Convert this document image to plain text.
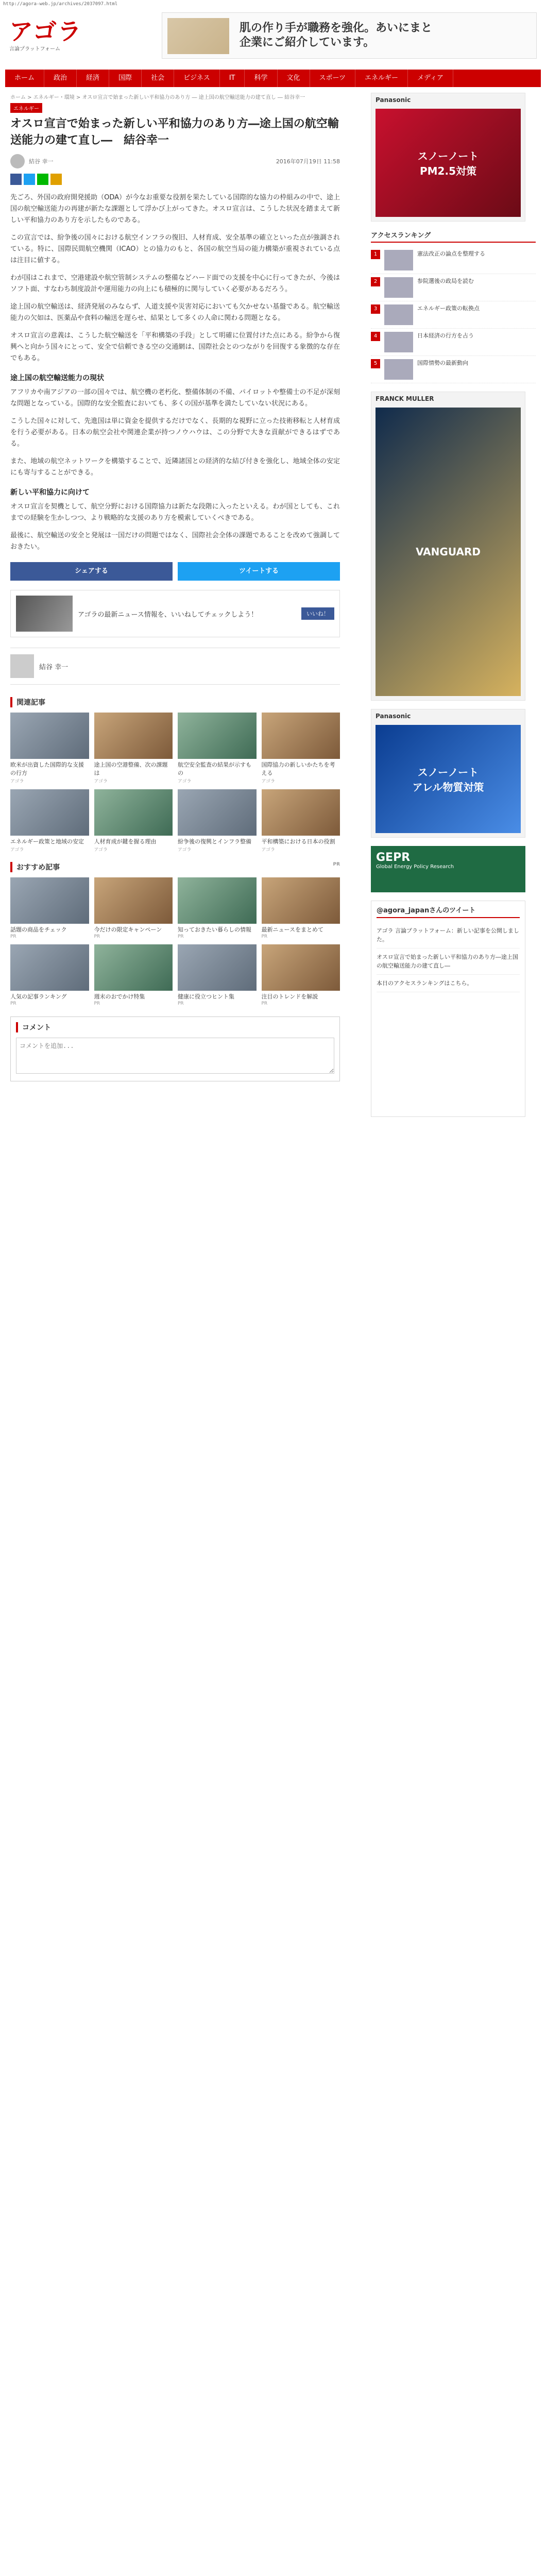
http://agora-web.jp/archives/2037097.html
アゴラ
言論プラットフォーム
肌の作り手が職務を強化。あいにまと
企業にご紹介しています。
ホーム	政治	経済	国際	社会	ビジネス	IT	科学	文化	スポーツ	エネルギー	メディア
ホーム > エネルギー・環境 > オスロ宣言で始まった新しい平和協力のあり方 ― 途上国の航空輸送能力の建て直し ― 結谷幸一
エネルギー
オスロ宣言で始まった新しい平和協力のあり方―途上国の航空輸送能力の建て直し―　結谷幸一
結谷 幸一	2016年07月19日 11:58

先ごろ、外国の政府開発援助（ODA）が今なお重要な役割を果たしている国際的な協力の枠組みの中で、途上国の航空輸送能力の再建が新たな課題として浮かび上がってきた。オスロ宣言は、こうした状況を踏まえて新しい平和協力のあり方を示したものである。

この宣言では、紛争後の国々における航空インフラの復旧、人材育成、安全基準の確立といった点が強調されている。特に、国際民間航空機関（ICAO）との協力のもと、各国の航空当局の能力構築が重視されている点は注目に値する。

わが国はこれまで、空港建設や航空管制システムの整備などハード面での支援を中心に行ってきたが、今後はソフト面、すなわち制度設計や運用能力の向上にも積極的に関与していく必要があるだろう。

途上国の航空輸送は、経済発展のみならず、人道支援や災害対応においても欠かせない基盤である。航空輸送能力の欠如は、医薬品や食料の輸送を遅らせ、結果として多くの人命に関わる問題となる。

オスロ宣言の意義は、こうした航空輸送を「平和構築の手段」として明確に位置付けた点にある。紛争から復興へと向かう国々にとって、安全で信頼できる空の交通網は、国際社会とのつながりを回復する象徴的な存在でもある。

途上国の航空輸送能力の現状

アフリカや南アジアの一部の国々では、航空機の老朽化、整備体制の不備、パイロットや整備士の不足が深刻な問題となっている。国際的な安全監査においても、多くの国が基準を満たしていない状況にある。

こうした国々に対して、先進国は単に資金を提供するだけでなく、長期的な視野に立った技術移転と人材育成を行う必要がある。日本の航空会社や関連企業が持つノウハウは、この分野で大きな貢献ができるはずである。

また、地域の航空ネットワークを構築することで、近隣諸国との経済的な結び付きを強化し、地域全体の安定にも寄与することができる。

新しい平和協力に向けて

オスロ宣言を契機として、航空分野における国際協力は新たな段階に入ったといえる。わが国としても、これまでの経験を生かしつつ、より戦略的な支援のあり方を模索していくべきである。

最後に、航空輸送の安全と発展は一国だけの問題ではなく、国際社会全体の課題であることを改めて強調しておきたい。

シェアする	ツイートする
アゴラの最新ニュース情報を、いいねしてチェックしよう！	いいね！
結谷 幸一
関連記事
欧米が出資した国際的な支援の行方
アゴラ
途上国の空港整備、次の課題は
アゴラ
航空安全監査の結果が示すもの
アゴラ
国際協力の新しいかたちを考える
アゴラ
エネルギー政策と地域の安定
アゴラ
人材育成が鍵を握る理由
アゴラ
紛争後の復興とインフラ整備
アゴラ
平和構築における日本の役割
アゴラ
おすすめ記事	PR
話題の商品をチェック
PR
今だけの限定キャンペーン
PR
知っておきたい暮らしの情報
PR
最新ニュースをまとめて
PR
人気の記事ランキング
PR
週末のおでかけ特集
PR
健康に役立つヒント集
PR
注目のトレンドを解説
PR
コメント
コメントを追加...
Panasonic
スノーノート
PM2.5対策
アクセスランキング
1	憲法改正の論点を整理する
2	参院選後の政局を読む
3	エネルギー政策の転換点
4	日本経済の行方を占う
5	国際情勢の最新動向
FRANCK MULLER
VANGUARD
Panasonic
スノーノート
アレル物質対策
GEPR
Global Energy Policy Research
@agora_japanさんのツイート
アゴラ 言論プラットフォーム：新しい記事を公開しました。
オスロ宣言で始まった新しい平和協力のあり方―途上国の航空輸送能力の建て直し―
本日のアクセスランキングはこちら。
